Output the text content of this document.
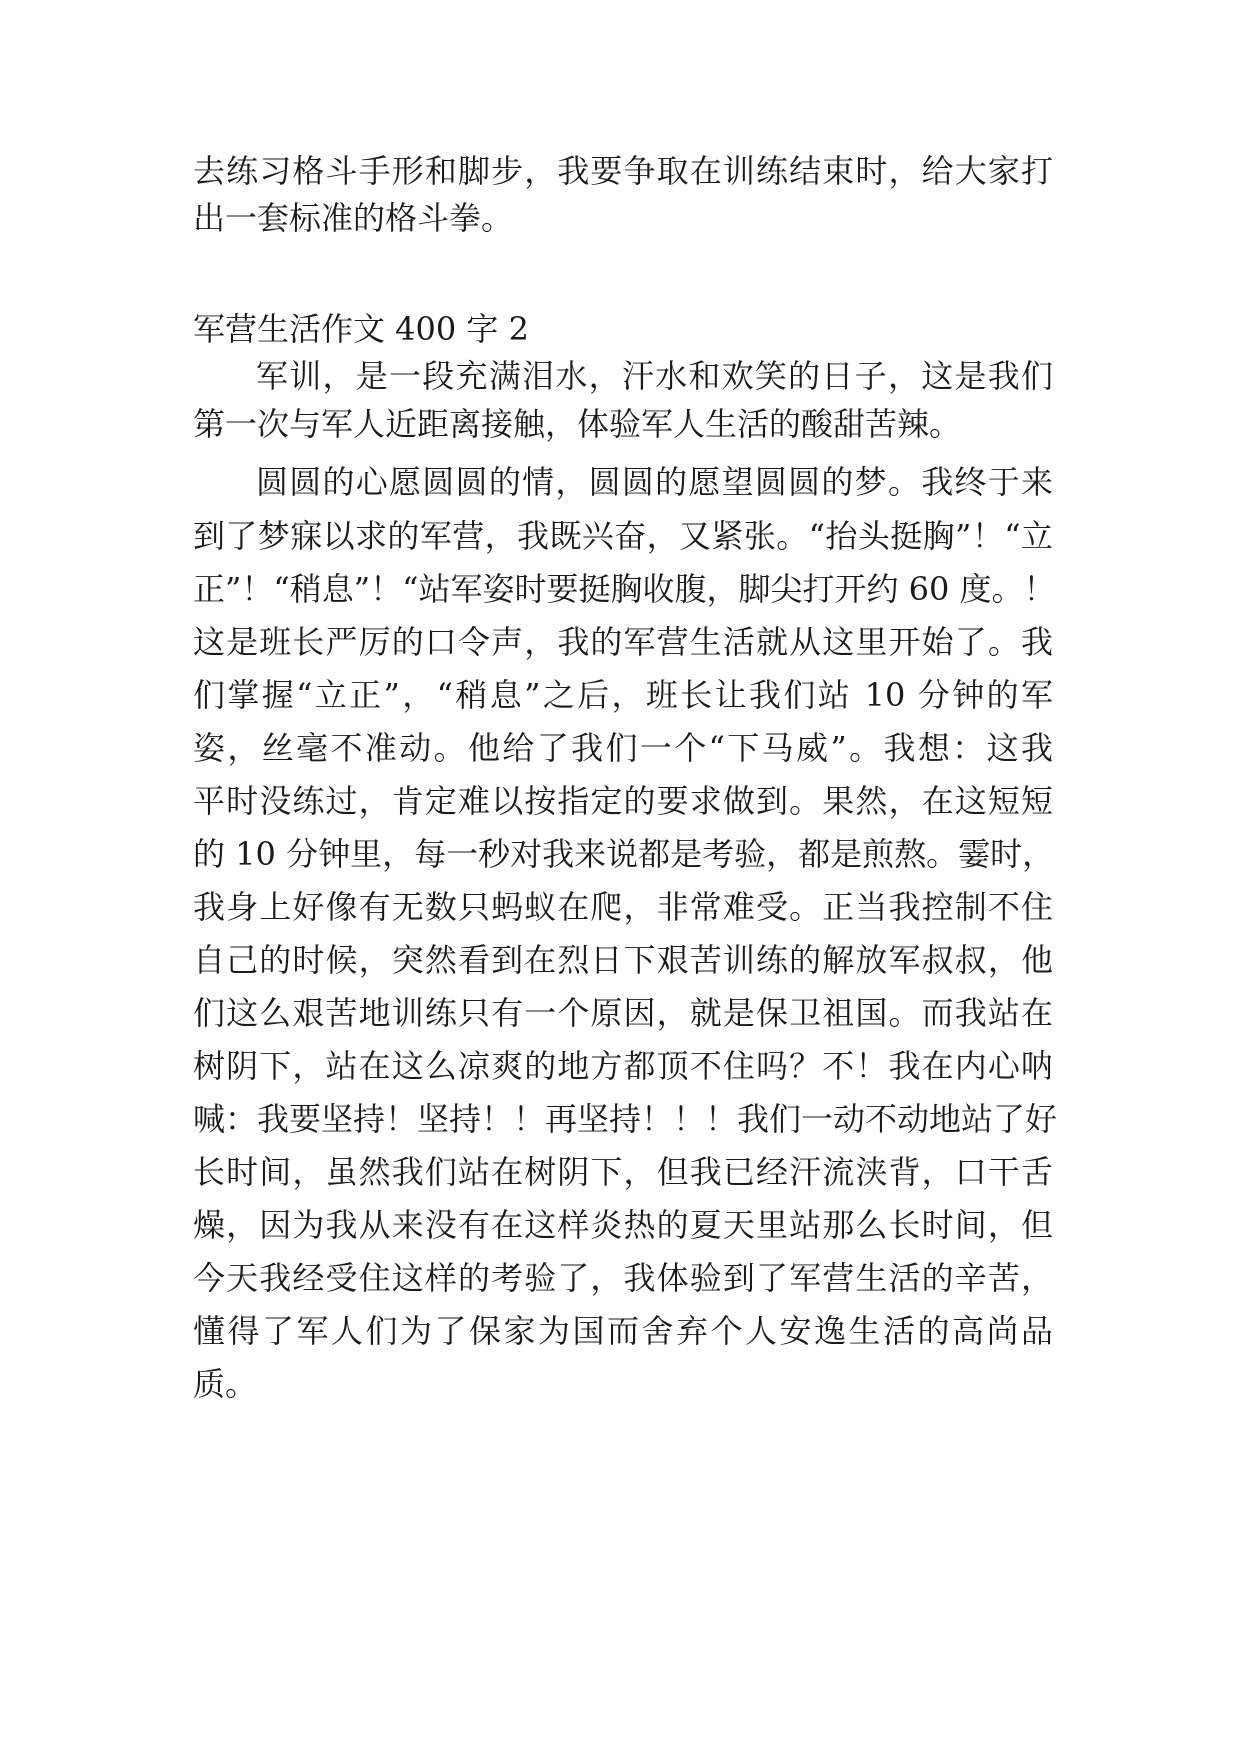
去练习格斗手形和脚步，我要争取在训练结束时，给大家打
出一套标准的格斗拳。
军营生活作文 400 字 2
军训，是一段充满泪水，汗水和欢笑的日子，这是我们
第一次与军人近距离接触，体验军人生活的酸甜苦辣。
圆圆的心愿圆圆的情，圆圆的愿望圆圆的梦。我终于来
到了梦寐以求的军营，我既兴奋，又紧张。“抬头挺胸”！“立
正”！“稍息”！“站军姿时要挺胸收腹，脚尖打开约 60 度。！
这是班长严厉的口令声，我的军营生活就从这里开始了。我
们掌握“立正”，“稍息”之后，班长让我们站 10 分钟的军
姿，丝毫不准动。他给了我们一个“下马威”。我想：这我
平时没练过，肯定难以按指定的要求做到。果然，在这短短
的 10 分钟里，每一秒对我来说都是考验，都是煎熬。霎时，
我身上好像有无数只蚂蚁在爬，非常难受。正当我控制不住
自己的时候，突然看到在烈日下艰苦训练的解放军叔叔，他
们这么艰苦地训练只有一个原因，就是保卫祖国。而我站在
树阴下，站在这么凉爽的地方都顶不住吗？不！我在内心呐
喊：我要坚持！坚持！！再坚持！！！我们一动不动地站了好
长时间，虽然我们站在树阴下，但我已经汗流浃背，口干舌
燥，因为我从来没有在这样炎热的夏天里站那么长时间，但
今天我经受住这样的考验了，我体验到了军营生活的辛苦，
懂得了军人们为了保家为国而舍弃个人安逸生活的高尚品
质。
